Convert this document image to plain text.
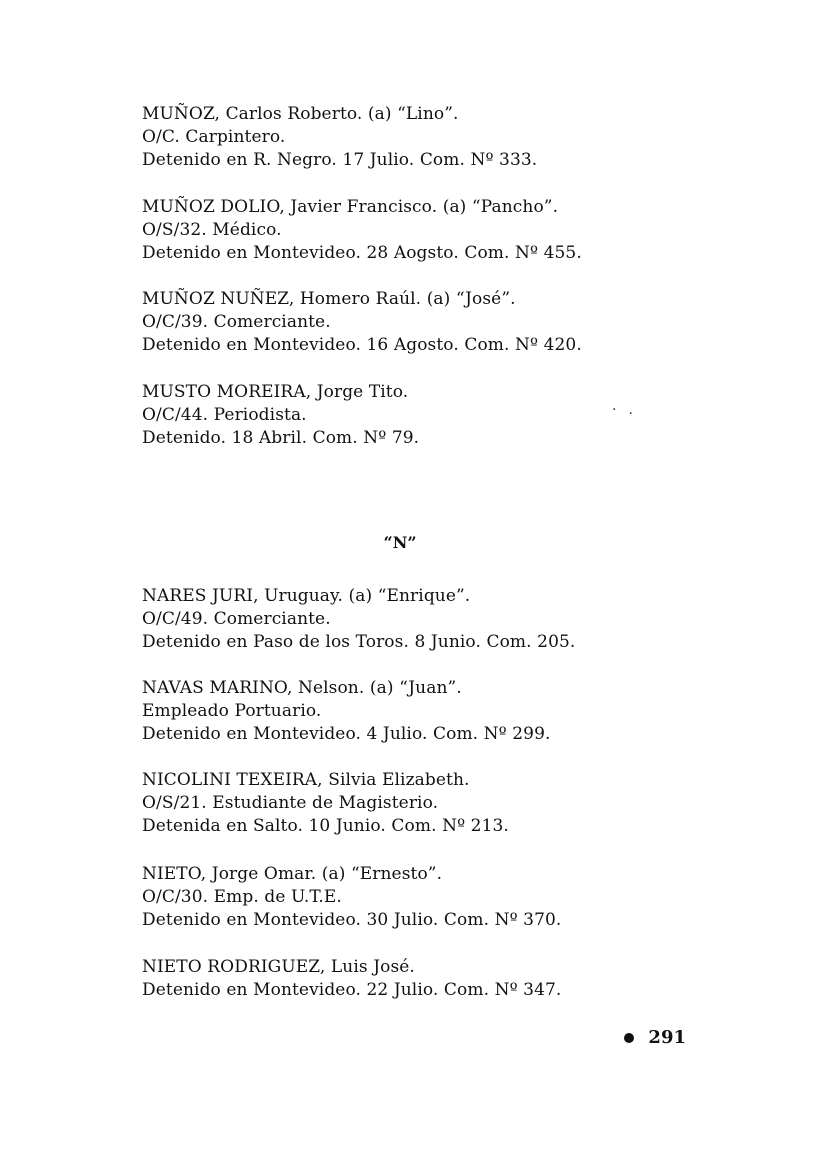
MUÑOZ, Carlos Roberto. (a) “Lino”.
O/C. Carpintero.
Detenido en R. Negro. 17 Julio. Com. Nº 333.
MUÑOZ DOLIO, Javier Francisco. (a) “Pancho”.
O/S/32. Médico.
Detenido en Montevideo. 28 Aogsto. Com. Nº 455.
MUÑOZ NUÑEZ, Homero Raúl. (a) “José”.
O/C/39. Comerciante.
Detenido en Montevideo. 16 Agosto. Com. Nº 420.
MUSTO MOREIRA, Jorge Tito.
O/C/44. Periodista.
Detenido. 18 Abril. Com. Nº 79.
·.
“N”
NARES JURI, Uruguay. (a) “Enrique”.
O/C/49. Comerciante.
Detenido en Paso de los Toros. 8 Junio. Com. 205.
NAVAS MARINO, Nelson. (a) “Juan”.
Empleado Portuario.
Detenido en Montevideo. 4 Julio. Com. Nº 299.
NICOLINI TEXEIRA, Silvia Elizabeth.
O/S/21. Estudiante de Magisterio.
Detenida en Salto. 10 Junio. Com. Nº 213.
NIETO, Jorge Omar. (a) “Ernesto”.
O/C/30. Emp. de U.T.E.
Detenido en Montevideo. 30 Julio. Com. Nº 370.
NIETO RODRIGUEZ, Luis José.
Detenido en Montevideo. 22 Julio. Com. Nº 347.
291
